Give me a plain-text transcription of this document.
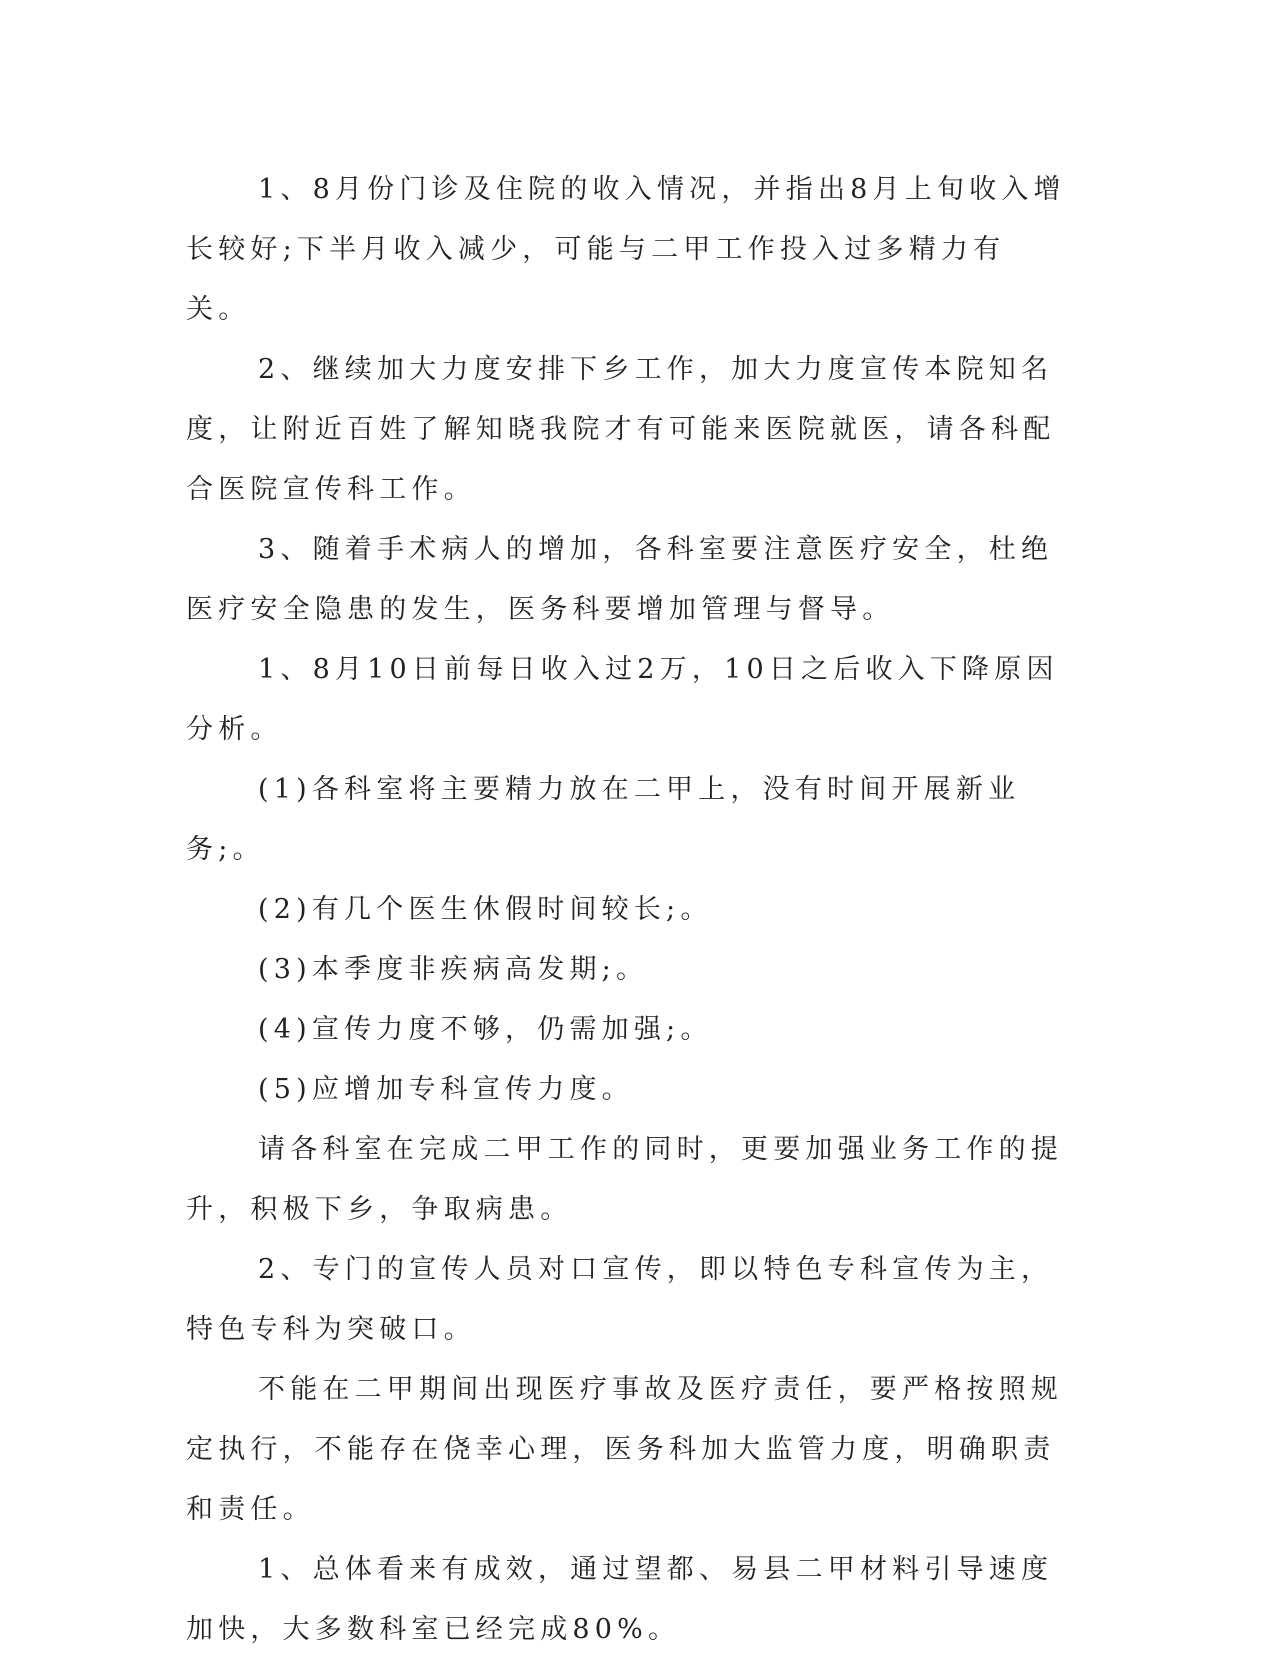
1、8月份门诊及住院的收入情况，并指出8月上旬收入增长较好;下半月收入减少，可能与二甲工作投入过多精力有关。

2、继续加大力度安排下乡工作，加大力度宣传本院知名度，让附近百姓了解知晓我院才有可能来医院就医，请各科配合医院宣传科工作。

3、随着手术病人的增加，各科室要注意医疗安全，杜绝医疗安全隐患的发生，医务科要增加管理与督导。

1、8月10日前每日收入过2万，10日之后收入下降原因分析。

(1)各科室将主要精力放在二甲上，没有时间开展新业务;。

(2)有几个医生休假时间较长;。

(3)本季度非疾病高发期;。

(4)宣传力度不够，仍需加强;。

(5)应增加专科宣传力度。

请各科室在完成二甲工作的同时，更要加强业务工作的提升，积极下乡，争取病患。

2、专门的宣传人员对口宣传，即以特色专科宣传为主，特色专科为突破口。

不能在二甲期间出现医疗事故及医疗责任，要严格按照规定执行，不能存在侥幸心理，医务科加大监管力度，明确职责和责任。

1、总体看来有成效，通过望都、易县二甲材料引导速度加快，大多数科室已经完成80%。
